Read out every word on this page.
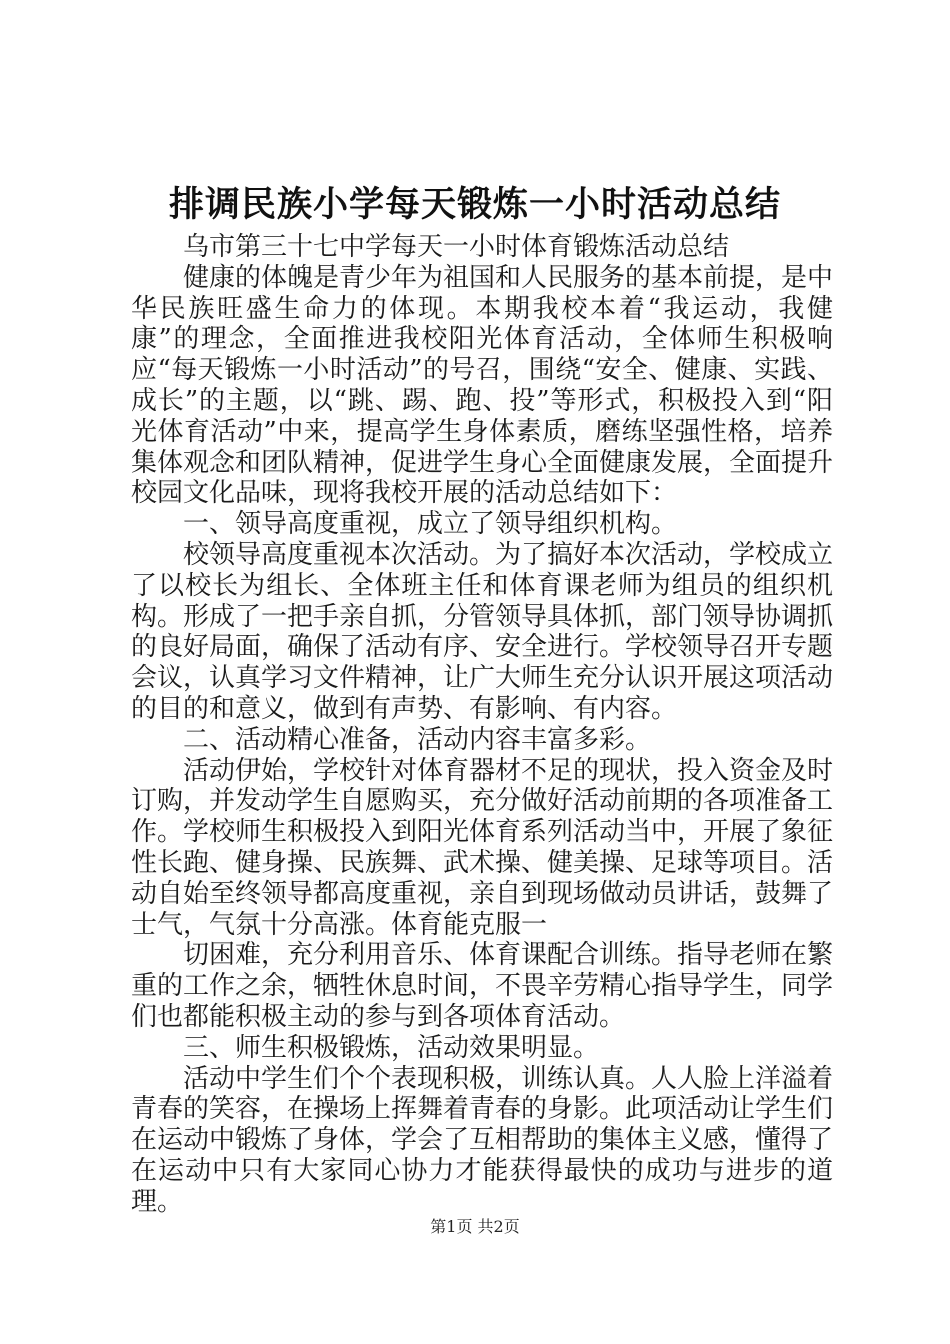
排调民族小学每天锻炼一小时活动总结

乌市第三十七中学每天一小时体育锻炼活动总结

健康的体魄是青少年为祖国和人民服务的基本前提，是中华民族旺盛生命力的体现。本期我校本着“我运动，我健康”的理念，全面推进我校阳光体育活动，全体师生积极响应“每天锻炼一小时活动”的号召，围绕“安全、健康、实践、成长”的主题，以“跳、踢、跑、投”等形式，积极投入到“阳光体育活动”中来，提高学生身体素质，磨练坚强性格，培养集体观念和团队精神，促进学生身心全面健康发展，全面提升校园文化品味，现将我校开展的活动总结如下：

一、领导高度重视，成立了领导组织机构。

校领导高度重视本次活动。为了搞好本次活动，学校成立了以校长为组长、全体班主任和体育课老师为组员的组织机构。形成了一把手亲自抓，分管领导具体抓，部门领导协调抓的良好局面，确保了活动有序、安全进行。学校领导召开专题会议，认真学习文件精神，让广大师生充分认识开展这项活动的目的和意义，做到有声势、有影响、有内容。

二、活动精心准备，活动内容丰富多彩。

活动伊始，学校针对体育器材不足的现状，投入资金及时订购，并发动学生自愿购买，充分做好活动前期的各项准备工作。学校师生积极投入到阳光体育系列活动当中，开展了象征性长跑、健身操、民族舞、武术操、健美操、足球等项目。活动自始至终领导都高度重视，亲自到现场做动员讲话，鼓舞了士气，气氛十分高涨。体育能克服一

切困难，充分利用音乐、体育课配合训练。指导老师在繁重的工作之余，牺牲休息时间，不畏辛劳精心指导学生，同学们也都能积极主动的参与到各项体育活动。

三、师生积极锻炼，活动效果明显。

活动中学生们个个表现积极，训练认真。人人脸上洋溢着青春的笑容，在操场上挥舞着青春的身影。此项活动让学生们在运动中锻炼了身体，学会了互相帮助的集体主义感，懂得了在运动中只有大家同心协力才能获得最快的成功与进步的道理。

第1页 共2页
